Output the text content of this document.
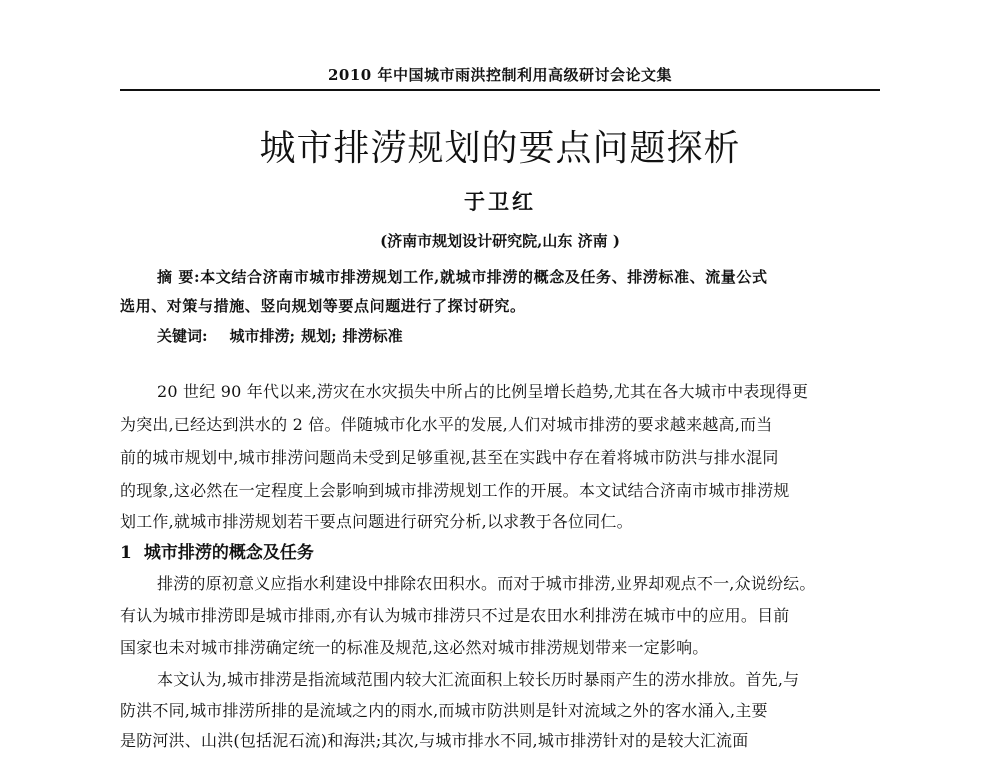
2010 年中国城市雨洪控制利用高级研讨会论文集
城市排涝规划的要点问题探析
于卫红
(济南市规划设计研究院,山东 济南 )
摘 要:本文结合济南市城市排涝规划工作,就城市排涝的概念及任务、排涝标准、流量公式
选用、对策与措施、竖向规划等要点问题进行了探讨研究。
关键词: 城市排涝; 规划; 排涝标准
20 世纪 90 年代以来,涝灾在水灾损失中所占的比例呈增长趋势,尤其在各大城市中表现得更
为突出,已经达到洪水的 2 倍。伴随城市化水平的发展,人们对城市排涝的要求越来越高,而当
前的城市规划中,城市排涝问题尚未受到足够重视,甚至在实践中存在着将城市防洪与排水混同
的现象,这必然在一定程度上会影响到城市排涝规划工作的开展。本文试结合济南市城市排涝规
划工作,就城市排涝规划若干要点问题进行研究分析,以求教于各位同仁。
1 城市排涝的概念及任务
排涝的原初意义应指水利建设中排除农田积水。而对于城市排涝,业界却观点不一,众说纷纭。
有认为城市排涝即是城市排雨,亦有认为城市排涝只不过是农田水利排涝在城市中的应用。目前
国家也未对城市排涝确定统一的标准及规范,这必然对城市排涝规划带来一定影响。
本文认为,城市排涝是指流域范围内较大汇流面积上较长历时暴雨产生的涝水排放。首先,与
防洪不同,城市排涝所排的是流域之内的雨水,而城市防洪则是针对流域之外的客水涌入,主要
是防河洪、山洪(包括泥石流)和海洪;其次,与城市排水不同,城市排涝针对的是较大汇流面
